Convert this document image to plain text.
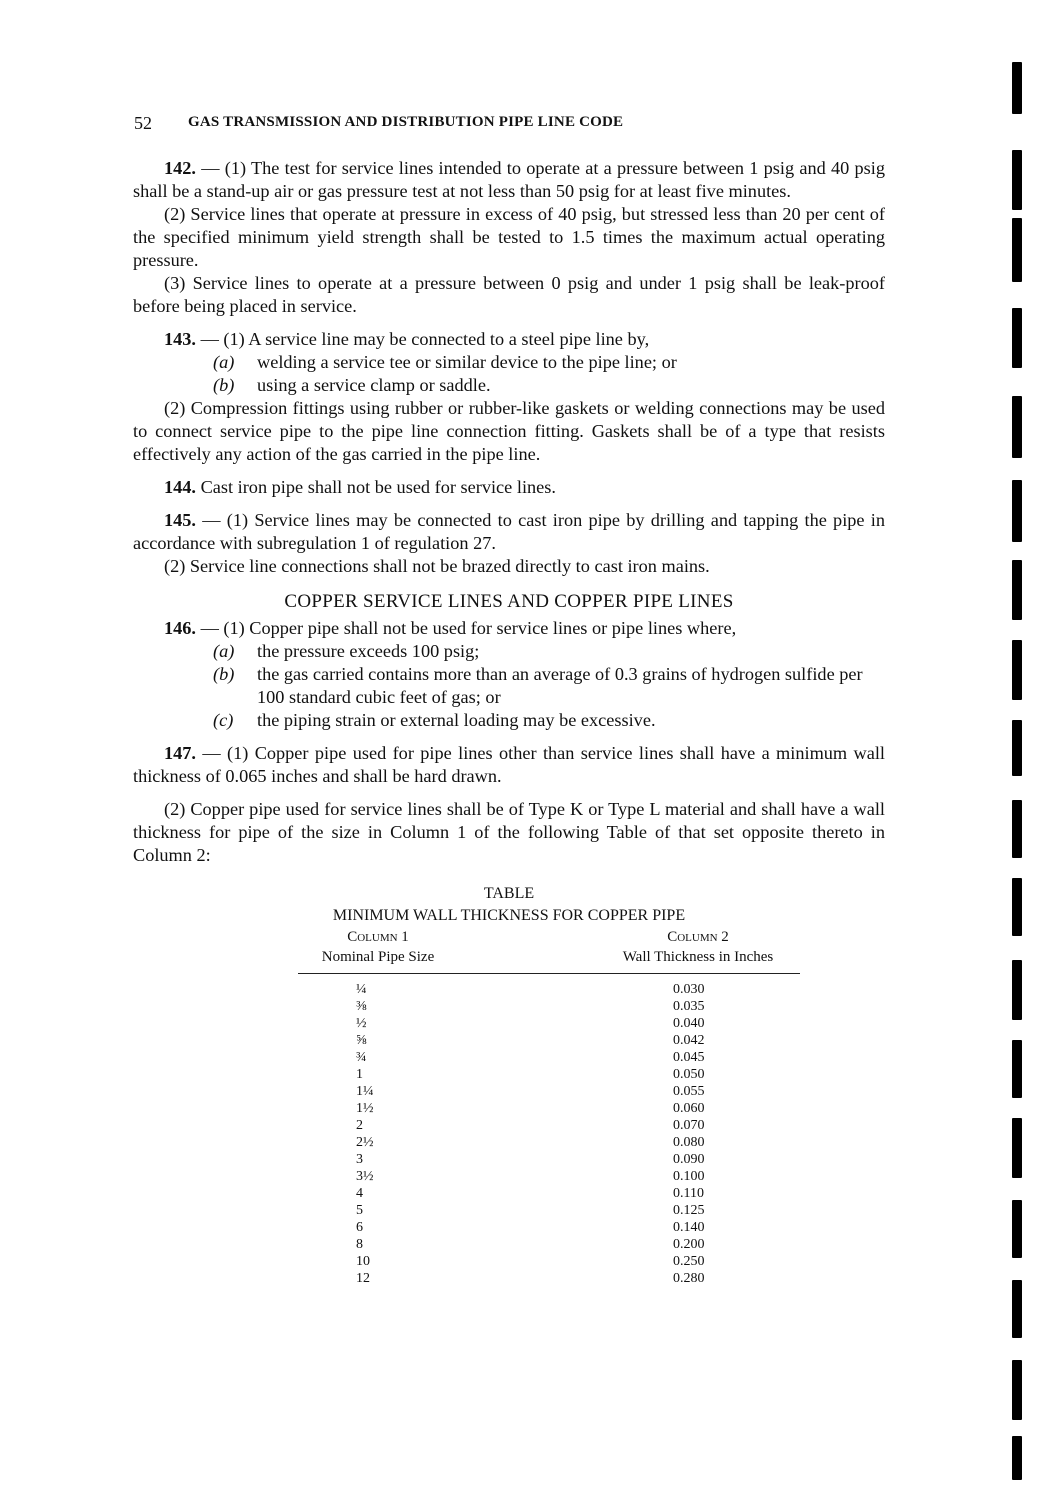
52 GAS TRANSMISSION AND DISTRIBUTION PIPE LINE CODE

142. — (1) The test for service lines intended to operate at a pressure between 1 psig and 40 psig shall be a stand-up air or gas pressure test at not less than 50 psig for at least five minutes.

(2) Service lines that operate at pressure in excess of 40 psig, but stressed less than 20 per cent of the specified minimum yield strength shall be tested to 1.5 times the maximum actual operating pressure.

(3) Service lines to operate at a pressure between 0 psig and under 1 psig shall be leak-proof before being placed in service.

143. — (1) A service line may be connected to a steel pipe line by,

(a)	welding a service tee or similar device to the pipe line; or
(b)	using a service clamp or saddle.

(2) Compression fittings using rubber or rubber-like gaskets or welding connections may be used to connect service pipe to the pipe line connection fitting. Gaskets shall be of a type that resists effectively any action of the gas carried in the pipe line.

144. Cast iron pipe shall not be used for service lines.

145. — (1) Service lines may be connected to cast iron pipe by drilling and tapping the pipe in accordance with subregulation 1 of regulation 27.

(2) Service line connections shall not be brazed directly to cast iron mains.

COPPER SERVICE LINES AND COPPER PIPE LINES

146. — (1) Copper pipe shall not be used for service lines or pipe lines where,

(a)	the pressure exceeds 100 psig;
(b)	the gas carried contains more than an average of 0.3 grains of hydrogen sulfide per 100 standard cubic feet of gas; or
(c)	the piping strain or external loading may be excessive.

147. — (1) Copper pipe used for pipe lines other than service lines shall have a minimum wall thickness of 0.065 inches and shall be hard drawn.

(2) Copper pipe used for service lines shall be of Type K or Type L material and shall have a wall thickness for pipe of the size in Column 1 of the following Table of that set opposite thereto in Column 2:

TABLE
MINIMUM WALL THICKNESS FOR COPPER PIPE
Column 1
Nominal Pipe Size
Column 2
Wall Thickness in Inches
¼	0.030
⅜	0.035
½	0.040
⅝	0.042
¾	0.045
1	0.050
1¼	0.055
1½	0.060
2	0.070
2½	0.080
3	0.090
3½	0.100
4	0.110
5	0.125
6	0.140
8	0.200
10	0.250
12	0.280
